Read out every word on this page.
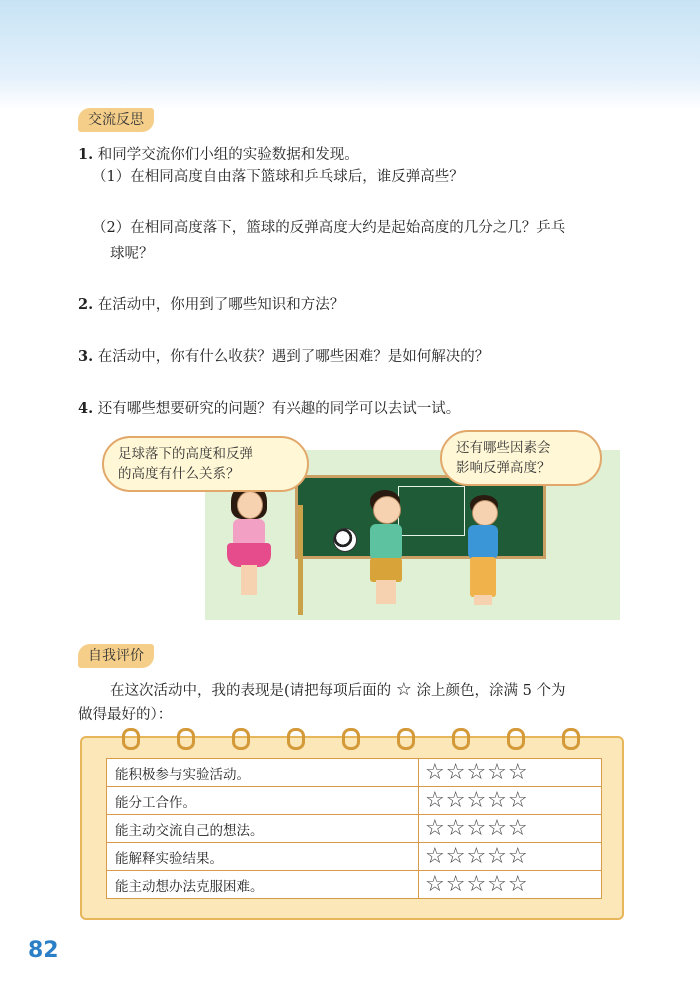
交流反思
1. 和同学交流你们小组的实验数据和发现。
（1）在相同高度自由落下篮球和乒乓球后，谁反弹高些？
（2）在相同高度落下，篮球的反弹高度大约是起始高度的几分之几？乒乓
球呢？
2. 在活动中，你用到了哪些知识和方法？
3. 在活动中，你有什么收获？遇到了哪些困难？是如何解决的？
4. 还有哪些想要研究的问题？有兴趣的同学可以去试一试。
足球落下的高度和反弹
的高度有什么关系？
还有哪些因素会
影响反弹高度？
自我评价
在这次活动中，我的表现是(请把每项后面的 ☆ 涂上颜色，涂满 5 个为
做得最好的）：
能积极参与实验活动。	☆☆☆☆☆
能分工合作。	☆☆☆☆☆
能主动交流自己的想法。	☆☆☆☆☆
能解释实验结果。	☆☆☆☆☆
能主动想办法克服困难。	☆☆☆☆☆
82
